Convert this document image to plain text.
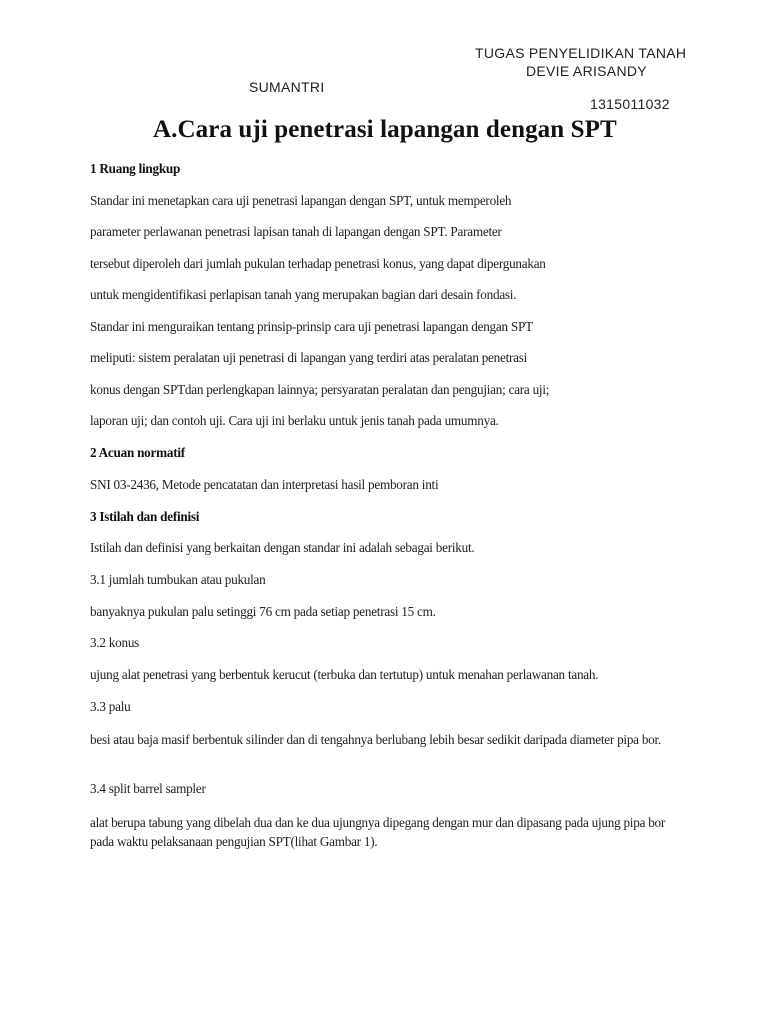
TUGAS PENYELIDIKAN TANAH
DEVIE ARISANDY
SUMANTRI
1315011032
A.Cara uji penetrasi lapangan dengan SPT
1 Ruang lingkup
Standar ini menetapkan cara uji penetrasi lapangan dengan SPT, untuk memperoleh
parameter perlawanan penetrasi lapisan tanah di lapangan dengan SPT. Parameter
tersebut diperoleh dari jumlah pukulan terhadap penetrasi konus, yang dapat dipergunakan
untuk mengidentifikasi perlapisan tanah yang merupakan bagian dari desain fondasi.
Standar ini menguraikan tentang prinsip-prinsip cara uji penetrasi lapangan dengan SPT
meliputi: sistem peralatan uji penetrasi di lapangan yang terdiri atas peralatan penetrasi
konus dengan SPTdan perlengkapan lainnya; persyaratan peralatan dan pengujian; cara uji;
laporan uji; dan contoh uji. Cara uji ini berlaku untuk jenis tanah pada umumnya.
2 Acuan normatif
SNI 03-2436, Metode pencatatan dan interpretasi hasil pemboran inti
3 Istilah dan definisi
Istilah dan definisi yang berkaitan dengan standar ini adalah sebagai berikut.
3.1 jumlah tumbukan atau pukulan
banyaknya pukulan palu setinggi 76 cm pada setiap penetrasi 15 cm.
3.2 konus
ujung alat penetrasi yang berbentuk kerucut (terbuka dan tertutup) untuk menahan perlawanan tanah.
3.3 palu
besi atau baja masif berbentuk silinder dan di tengahnya berlubang lebih besar sedikit daripada diameter pipa bor.
3.4 split barrel sampler
alat berupa tabung yang dibelah dua dan ke dua ujungnya dipegang dengan mur dan dipasang pada ujung pipa bor pada waktu pelaksanaan pengujian SPT(lihat Gambar 1).
